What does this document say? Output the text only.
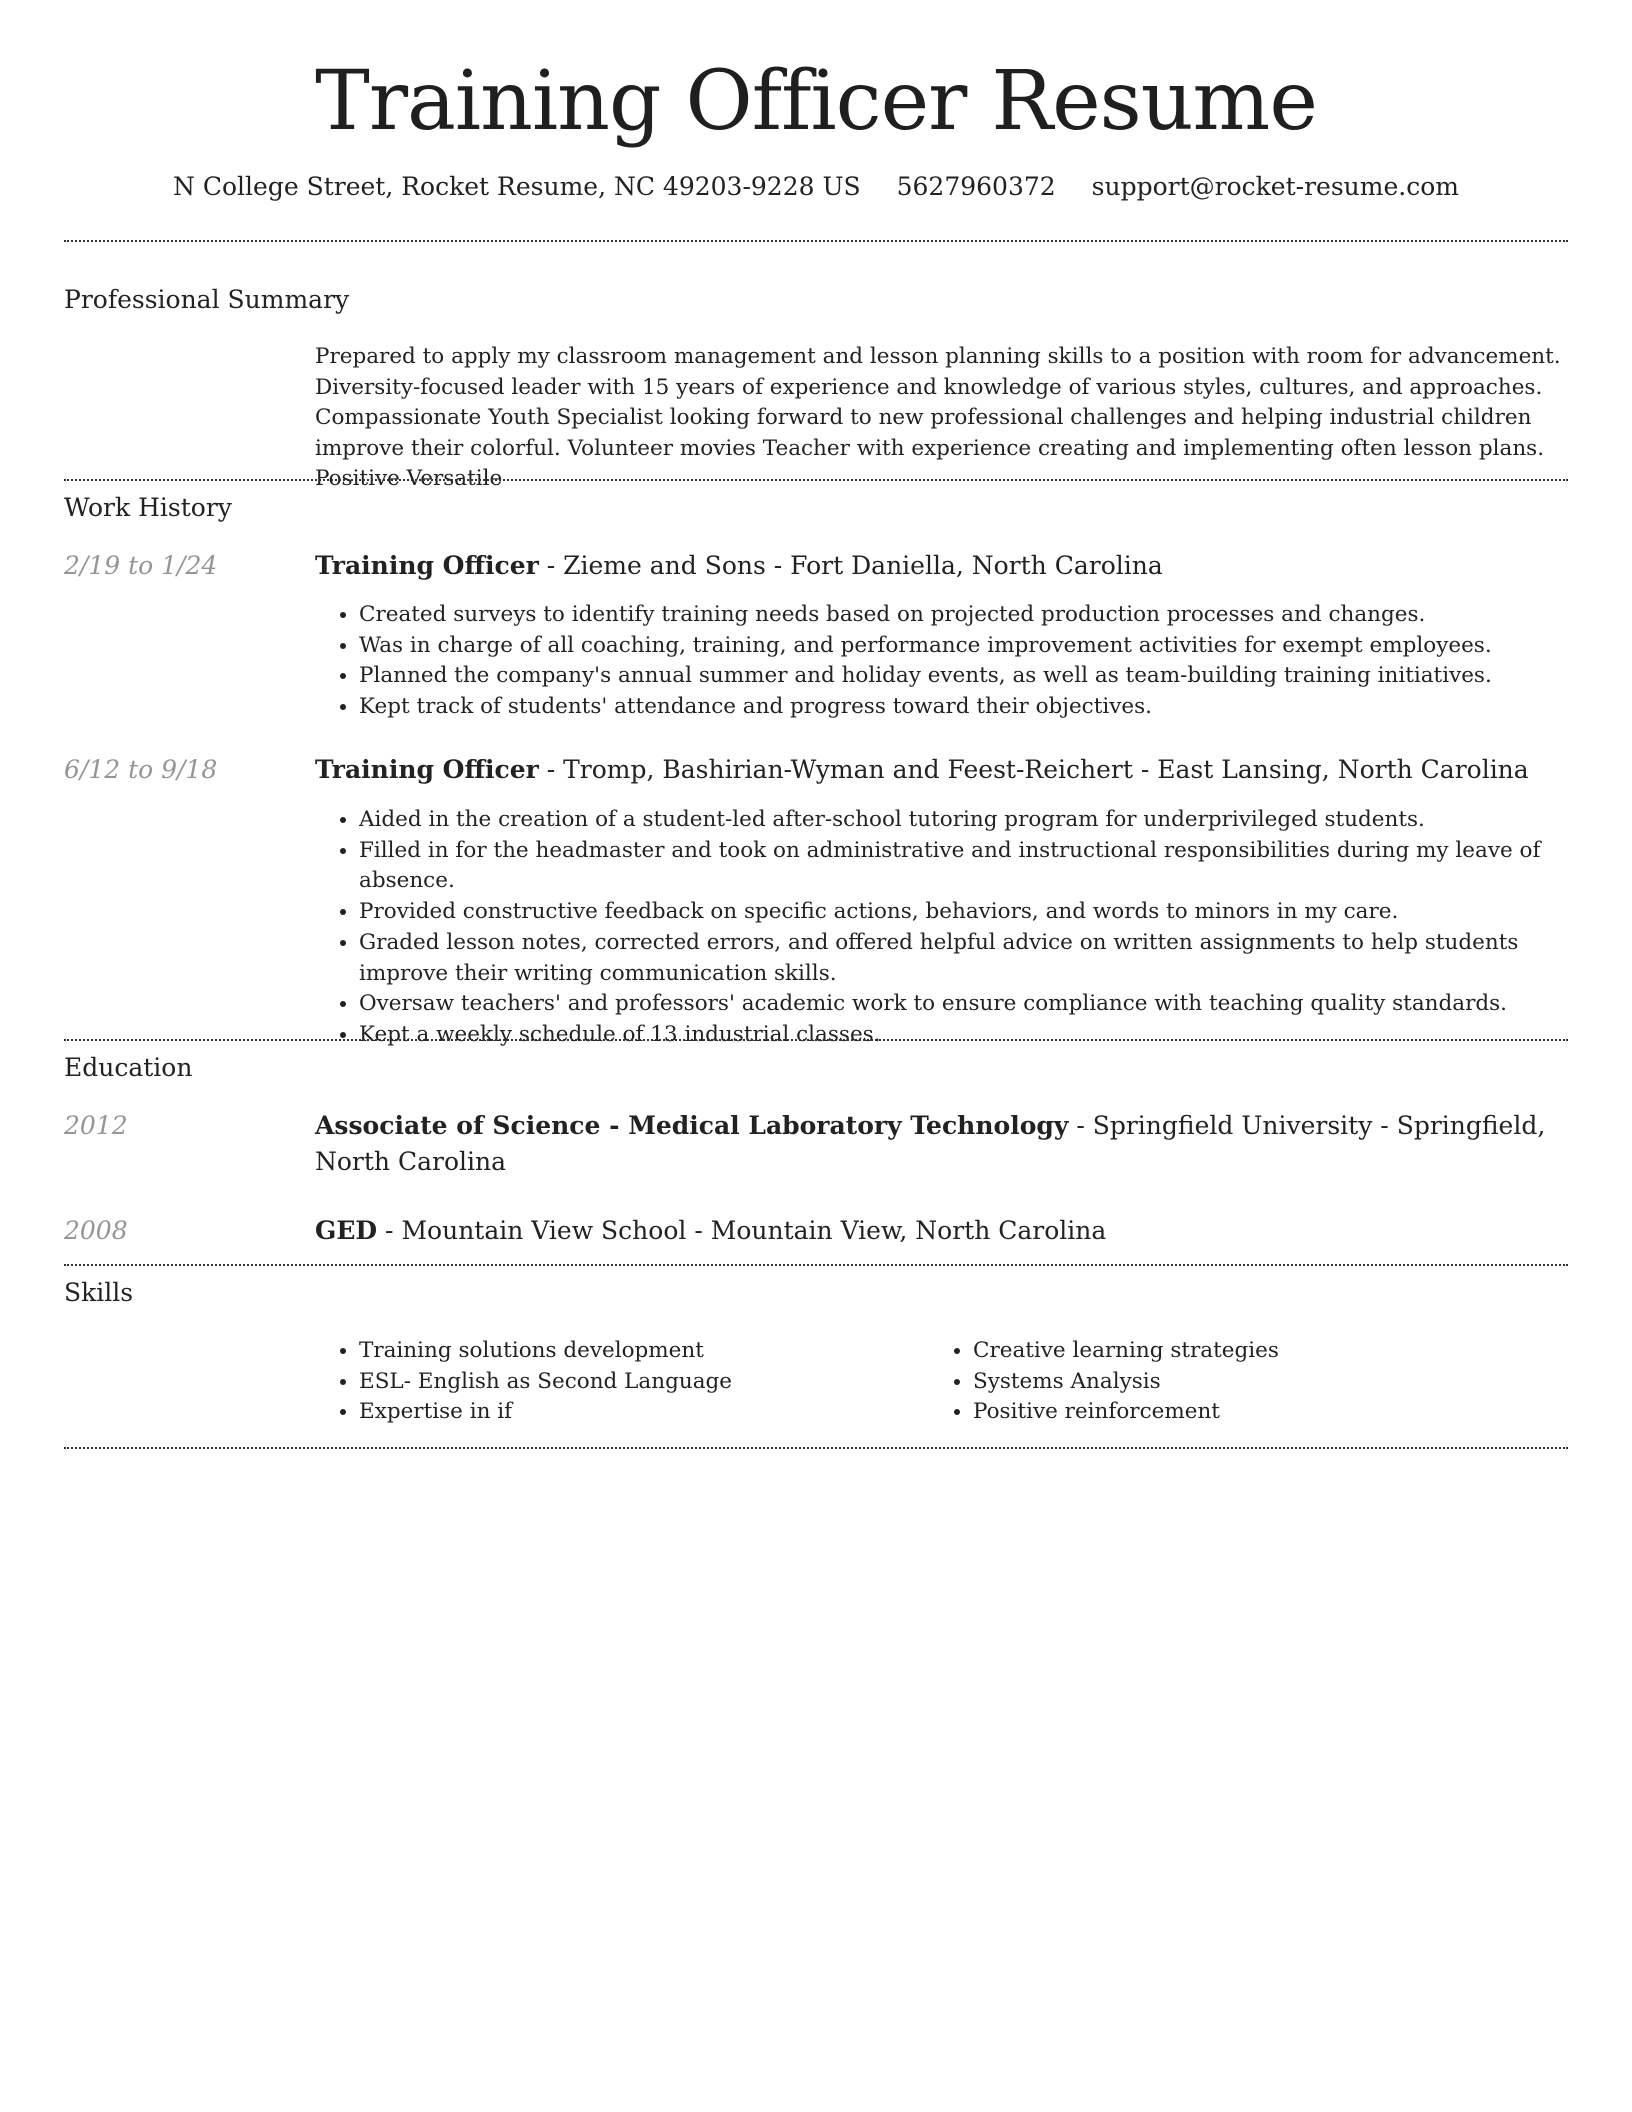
Training Officer Resume
N College Street, Rocket Resume, NC 49203-9228 US 5627960372 support@rocket-resume.com
Professional Summary
Prepared to apply my classroom management and lesson planning skills to a position with room for advancement. Diversity-focused leader with 15 years of experience and knowledge of various styles, cultures, and approaches. Compassionate Youth Specialist looking forward to new professional challenges and helping industrial children improve their colorful. Volunteer movies Teacher with experience creating and implementing often lesson plans. Positive Versatile
Work History
2/19 to 1/24	Training Officer - Zieme and Sons - Fort Daniella, North Carolina
• Created surveys to identify training needs based on projected production processes and changes.
• Was in charge of all coaching, training, and performance improvement activities for exempt employees.
• Planned the company's annual summer and holiday events, as well as team-building training initiatives.
• Kept track of students' attendance and progress toward their objectives.
6/12 to 9/18	Training Officer - Tromp, Bashirian-Wyman and Feest-Reichert - East Lansing, North Carolina
• Aided in the creation of a student-led after-school tutoring program for underprivileged students.
• Filled in for the headmaster and took on administrative and instructional responsibilities during my leave of absence.
• Provided constructive feedback on specific actions, behaviors, and words to minors in my care.
• Graded lesson notes, corrected errors, and offered helpful advice on written assignments to help students improve their writing communication skills.
• Oversaw teachers' and professors' academic work to ensure compliance with teaching quality standards.
• Kept a weekly schedule of 13 industrial classes.
Education
2012	Associate of Science - Medical Laboratory Technology - Springfield University - Springfield, North Carolina
2008	GED - Mountain View School - Mountain View, North Carolina
Skills
• Training solutions development
• ESL- English as Second Language
• Expertise in if
• Creative learning strategies
• Systems Analysis
• Positive reinforcement
